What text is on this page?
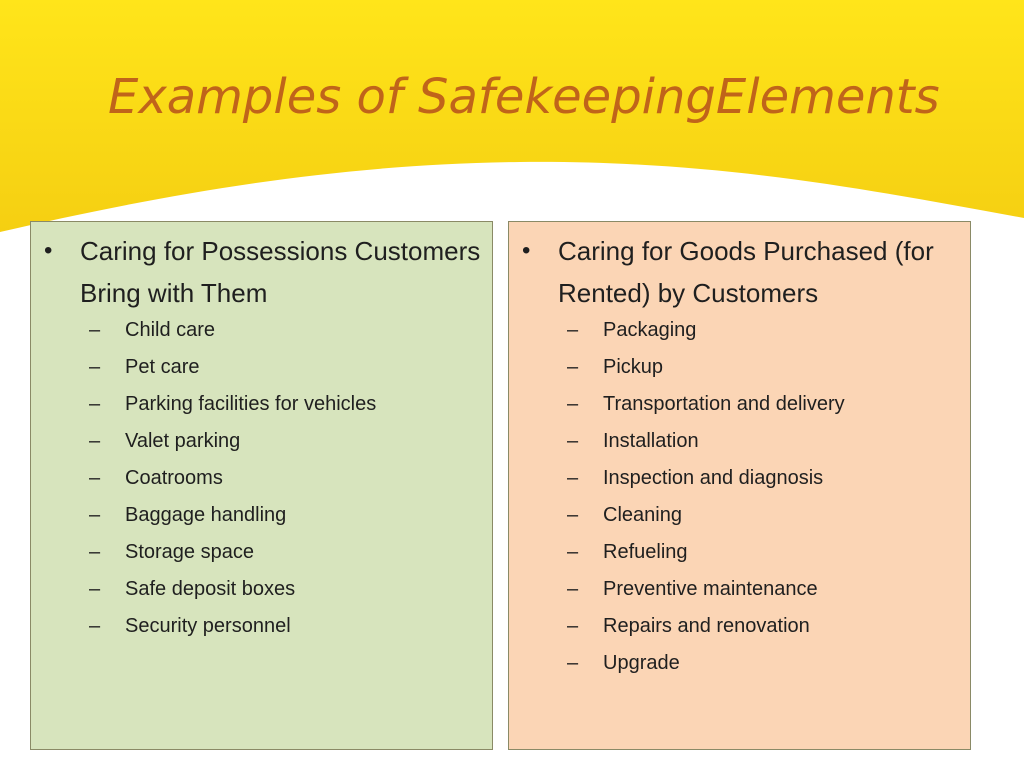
Examples of SafekeepingElements
• Caring for Possessions Customers Bring with Them
– Child care
– Pet care
– Parking facilities for vehicles
– Valet parking
– Coatrooms
– Baggage handling
– Storage space
– Safe deposit boxes
– Security personnel
• Caring for Goods Purchased (for Rented) by Customers
– Packaging
– Pickup
– Transportation and delivery
– Installation
– Inspection and diagnosis
– Cleaning
– Refueling
– Preventive maintenance
– Repairs and renovation
– Upgrade
